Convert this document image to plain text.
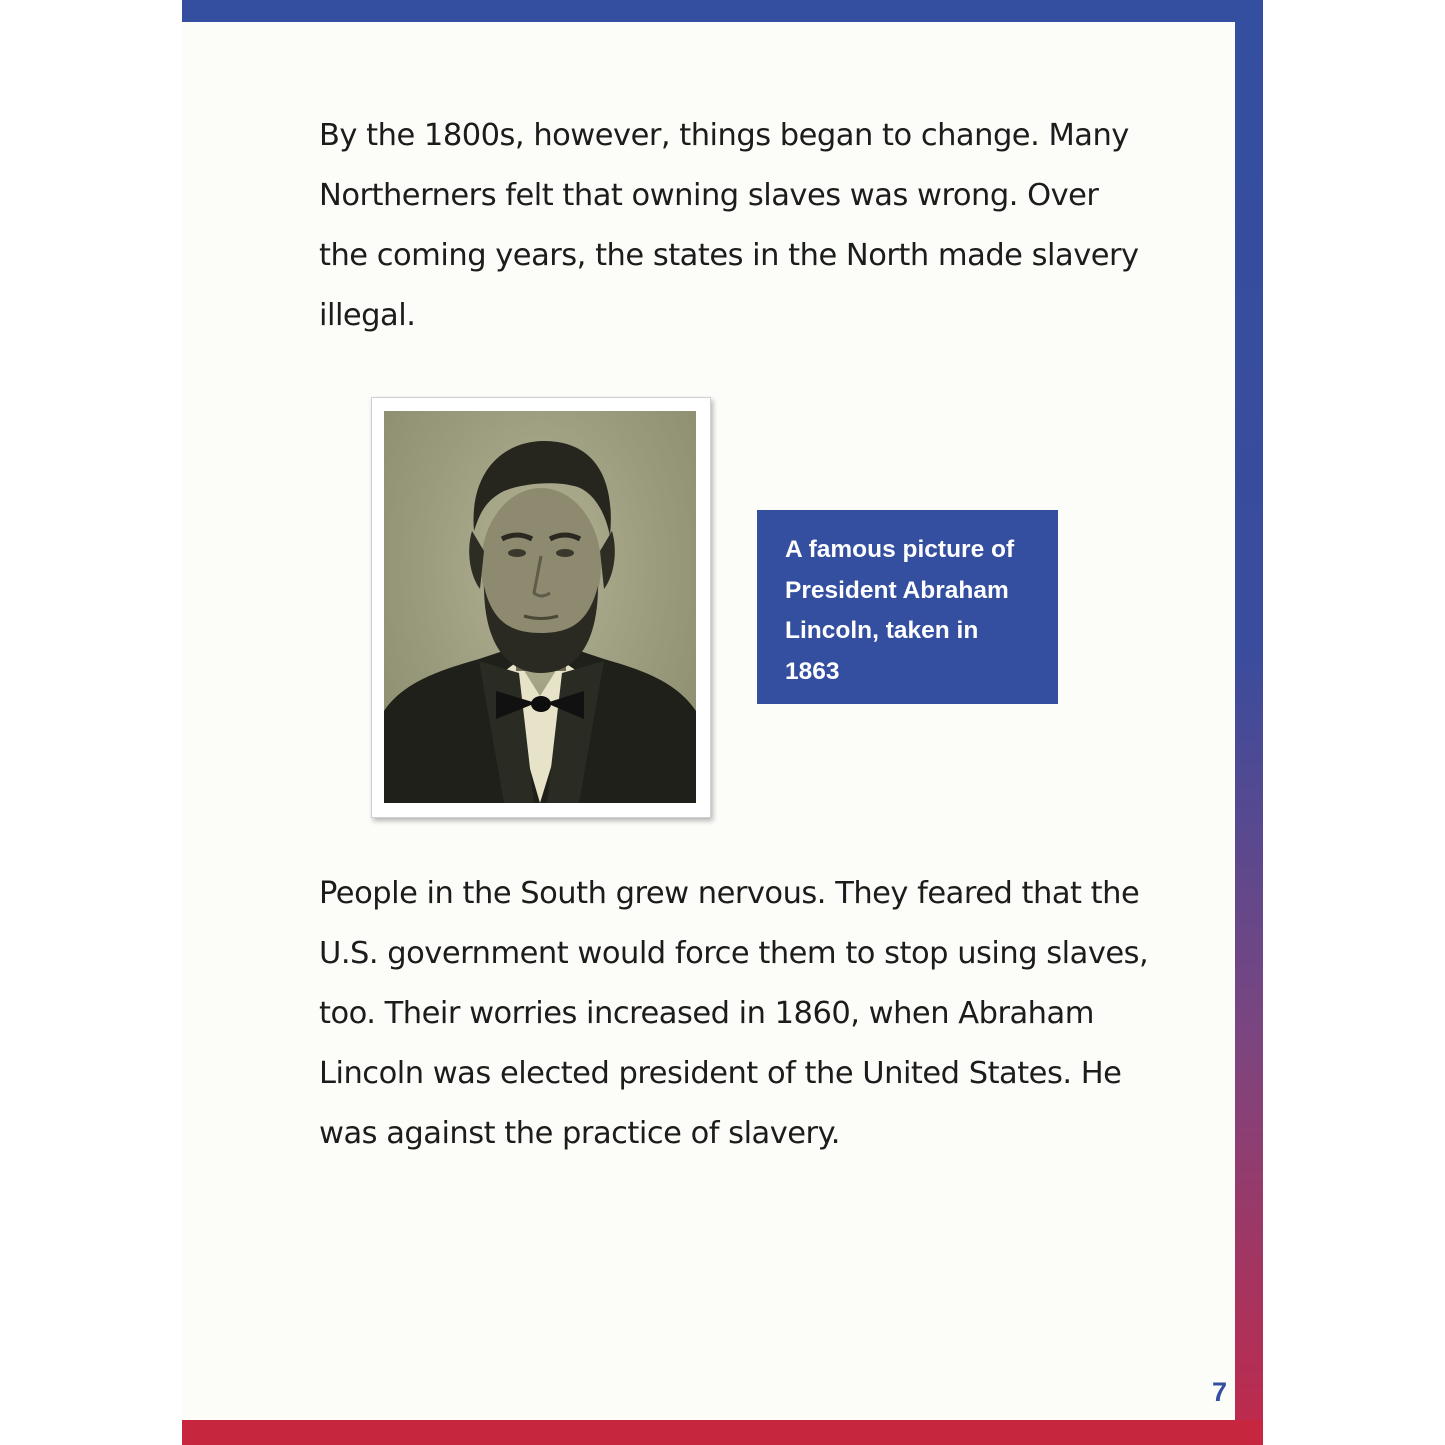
By the 1800s, however, things began to change. Many
Northerners felt that owning slaves was wrong. Over
the coming years, the states in the North made slavery
illegal.

A famous picture of
President Abraham
Lincoln, taken in
1863

People in the South grew nervous. They feared that the
U.S. government would force them to stop using slaves,
too. Their worries increased in 1860, when Abraham
Lincoln was elected president of the United States. He
was against the practice of slavery.

7
